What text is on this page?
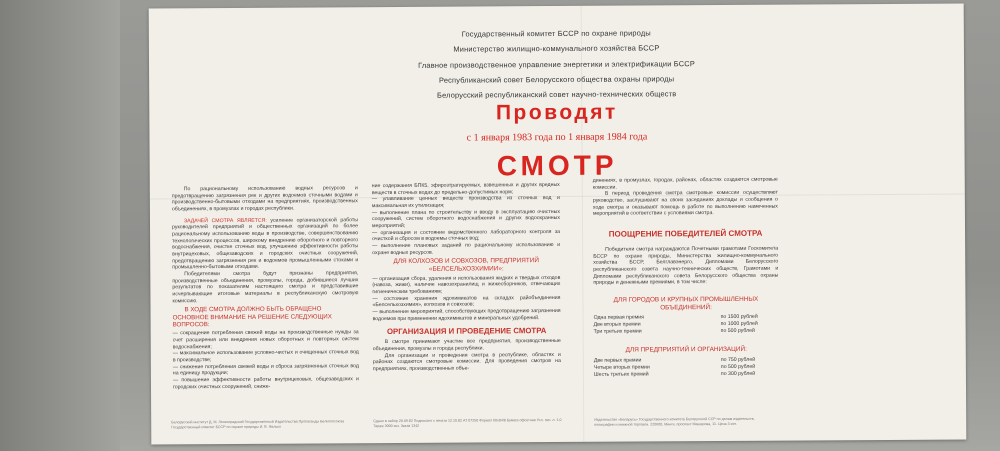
Государственный комитет БССР по охране природы
Министерство жилищно-коммунального хозяйства БССР
Главное производственное управление энергетики и электрификации БССР
Республиканский совет Белорусского общества охраны природы
Белорусский республиканский совет научно-технических обществ
Проводят
с 1 января 1983 года по 1 января 1984 года
СМОТР

По рациональному использованию водных ресурсов и предотвращению загрязнения рек и других водоемов сточными водами и производственно-бытовыми отходами на предприятиях, производственных объединениях, в промузлах и городах республики.

ЗАДАЧЕЙ СМОТРА ЯВЛЯЕТСЯ: усиление организаторской работы руководителей предприятий и общественных организаций по более рациональному использованию воды в производстве, совершенствованию технологических процессов, широкому внедрению оборотного и повторного водоснабжения, очистке сточных вод, улучшению эффективности работы внутрицеховых, общезаводских и городских очистных сооружений, предотвращению загрязнения рек и водоемов промышленными стоками и промышленно-бытовыми отходами.

Победителями смотра будут признаны предприятия, производственные объединения, промузлы, города, добившиеся лучших результатов по показателям настоящего смотра и представившие исчерпывающие итоговые материалы в республиканскую смотровую комиссию.

В ХОДЕ СМОТРА ДОЛЖНО БЫТЬ ОБРАЩЕНО ОСНОВНОЕ ВНИМАНИЕ НА РЕШЕНИЕ СЛЕДУЮЩИХ ВОПРОСОВ:

— сокращение потребления свежей воды на производственные нужды за счет расширения или внедрения новых оборотных и повторных систем водоснабжения;

— максимальное использование условно-чистых и очищенных сточных вод в производстве;

— снижение потребления свежей воды и сброса загрязненных сточных вод на единицу продукции;

— повышение эффективности работы внутрицеховых, общезаводских и городских очистных сооружений, сниже-

ние содержания БПК5, эфирозтрагируемых, взвешенных и других вредных веществ в сточных водах до предельно-допустимых норм;

— улавливание ценных веществ производства из сточных вод и максимальная их утилизация;

— выполнение плана по строительству и вводу в эксплуатацию очистных сооружений, систем оборотного водоснабжения и других водоохранных мероприятий;

— организация и состояние ведомственного лабораторного контроля за очисткой и сбросом в водоемы сточных вод;

— выполнение плановых заданий по рациональному использованию и охране водных ресурсов.

ДЛЯ КОЛХОЗОВ И СОВХОЗОВ, ПРЕДПРИЯТИЙ «БЕЛСЕЛЬХОЗХИМИИ»:

— организация сбора, удаления и использования жидких и твердых отходов (навоза, жижи), наличие навозохранилищ и жижесборников, отвечающих гигиеническим требованиям;

— состояние хранения ядохимикатов на складах райобъединения «Белсельхозхимия», колхозов и совхозов;

— выполнение мероприятий, способствующих предотвращению загрязнения водоемов при применении ядохимикатов и минеральных удобрений.

ОРГАНИЗАЦИЯ И ПРОВЕДЕНИЕ СМОТРА

В смотре принимают участие все предприятия, производственные объединения, промузлы и города республики.

Для организации и проведения смотра в республике, областях и районах создаются смотровые комиссии. Для проведения смотров на предприятиях, производственных объе-

динениях, в промузлах, городах, районах, областях создаются смотровые комиссии.

В период проведения смотра смотровые комиссии осуществляют руководство, заслушивают на своих заседаниях доклады и сообщения о ходе смотра и оказывают помощь в работе по выполнению намеченных мероприятий в соответствии с условиями смотра.

ПООЩРЕНИЕ ПОБЕДИТЕЛЕЙ СМОТРА

Победители смотра награждаются Почетными грамотами Госкомитета БССР по охране природы, Министерства жилищно-коммунального хозяйства БССР, Белглавэнерго, Дипломами Белорусского республиканского совета научно-технических обществ, Грамотами и Дипломами республиканского совета Белорусского общества охраны природы и денежными премиями, в том числе:

ДЛЯ ГОРОДОВ И КРУПНЫХ ПРОМЫШЛЕННЫХ ОБЪЕДИНЕНИЙ:

Одна первая премия	по 1500 рублей
Две вторых премии	по 1000 рублей
Три третьих премии	по 500 рублей

ДЛЯ ПРЕДПРИЯТИЙ И ОРГАНИЗАЦИЙ:

Две первых премии	по 750 рублей
Четыре вторых премии	по 500 рублей
Шесть третьих премий	по 300 рублей
Белорусский институт Д. М. Ленинградский Государственный Издательства Пропаганды Белкоопсоюза Государственный комитет БССР по охране природы И. В. Фалько
Сдано в набор 20.09.82 Подписано к печати 12.10.82 АТ 07250 Формат 60x84/8 Бумага офсетная Усл. печ. л. 1,0 Тираж 3000 экз. Заказ 1342
Издательство «Беларусь» Государственного комитета Белорусской ССР по делам издательств, полиграфии и книжной торговли. 220600, Минск, проспект Машерова, 11. Цена 3 коп.
